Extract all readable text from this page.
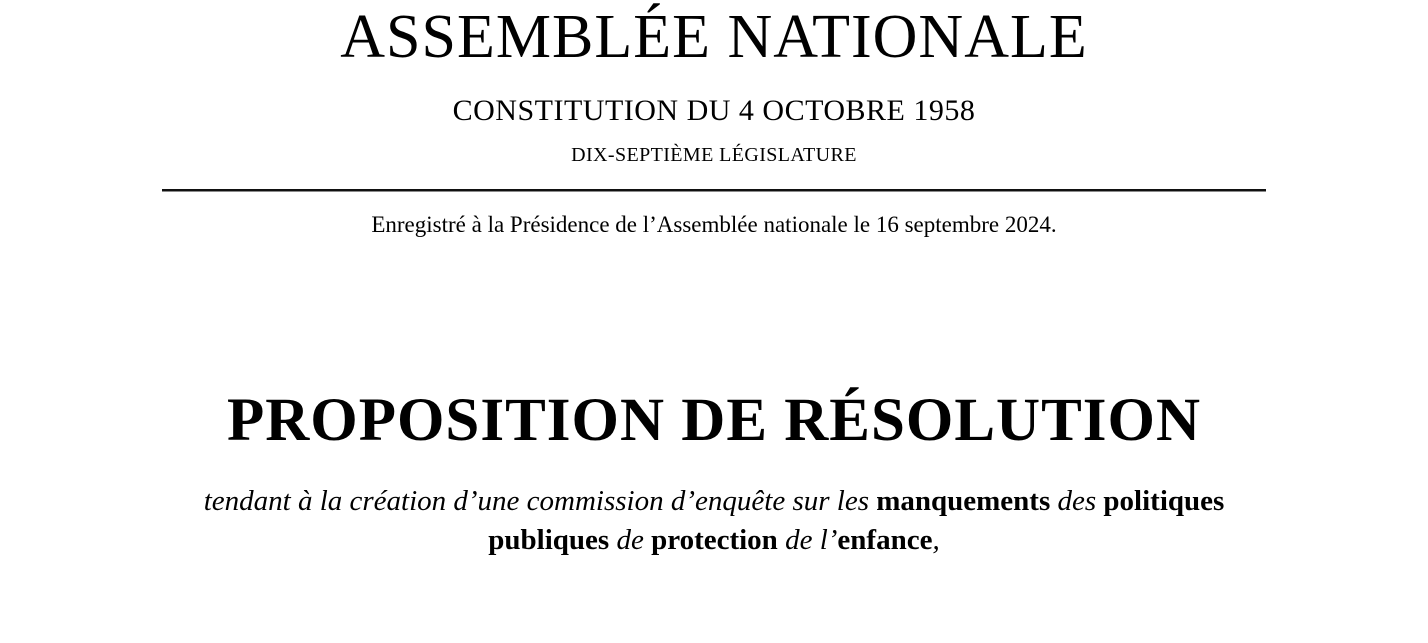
ASSEMBLÉE NATIONALE

CONSTITUTION DU 4 OCTOBRE 1958

DIX-SEPTIÈME LÉGISLATURE

Enregistré à la Présidence de l’Assemblée nationale le 16 septembre 2024.

PROPOSITION DE RÉSOLUTION

tendant à la création d’une commission d’enquête sur les manquements des politiques publiques de protection de l’enfance,
